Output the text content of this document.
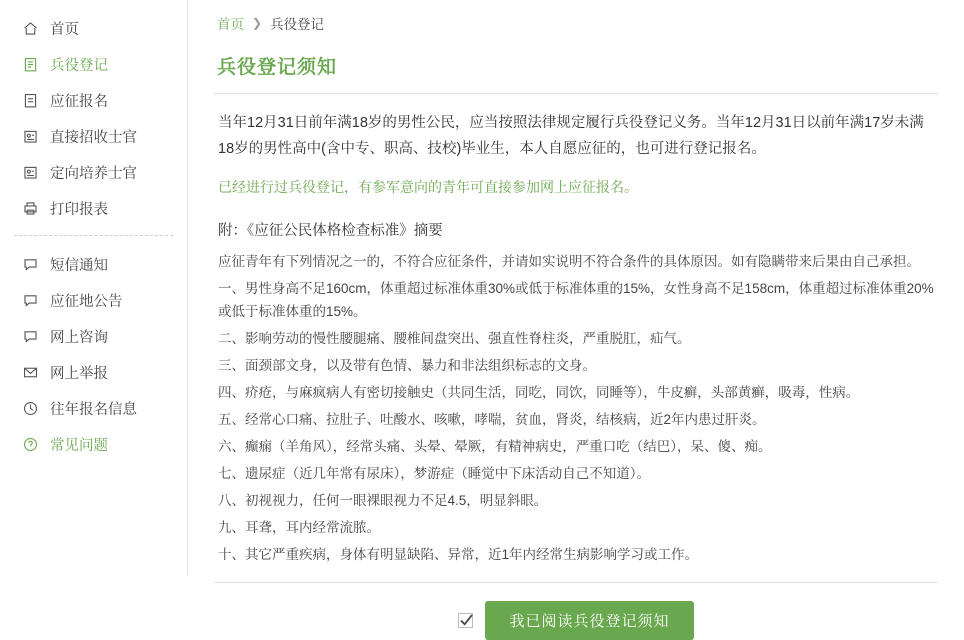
首页
兵役登记
应征报名
直接招收士官
定向培养士官
打印报表
短信通知
应征地公告
网上咨询
网上举报
往年报名信息
常见问题
首页 ❯ 兵役登记
兵役登记须知
当年12月31日前年满18岁的男性公民，应当按照法律规定履行兵役登记义务。当年12月31日以前年满17岁未满18岁的男性高中(含中专、职高、技校)毕业生，本人自愿应征的，也可进行登记报名。
已经进行过兵役登记，有参军意向的青年可直接参加网上应征报名。
附：《应征公民体格检查标准》摘要

应征青年有下列情况之一的，不符合应征条件，并请如实说明不符合条件的具体原因。如有隐瞒带来后果由自己承担。

一、男性身高不足160cm，体重超过标准体重30%或低于标准体重的15%，女性身高不足158cm，体重超过标准体重20%或低于标准体重的15%。

二、影响劳动的慢性腰腿痛、腰椎间盘突出、强直性脊柱炎，严重脱肛，疝气。

三、面颈部文身，以及带有色情、暴力和非法组织标志的文身。

四、疥疮，与麻疯病人有密切接触史（共同生活，同吃，同饮，同睡等），牛皮癣，头部黄癣，吸毒，性病。

五、经常心口痛、拉肚子、吐酸水、咳嗽，哮喘，贫血，肾炎，结核病，近2年内患过肝炎。

六、癫痫（羊角风），经常头痛、头晕、晕厥，有精神病史，严重口吃（结巴），呆、傻、痴。

七、遗尿症（近几年常有尿床），梦游症（睡觉中下床活动自己不知道）。

八、初视视力，任何一眼裸眼视力不足4.5，明显斜眼。

九、耳聋，耳内经常流脓。

十、其它严重疾病，身体有明显缺陷、异常，近1年内经常生病影响学习或工作。

我已阅读兵役登记须知
